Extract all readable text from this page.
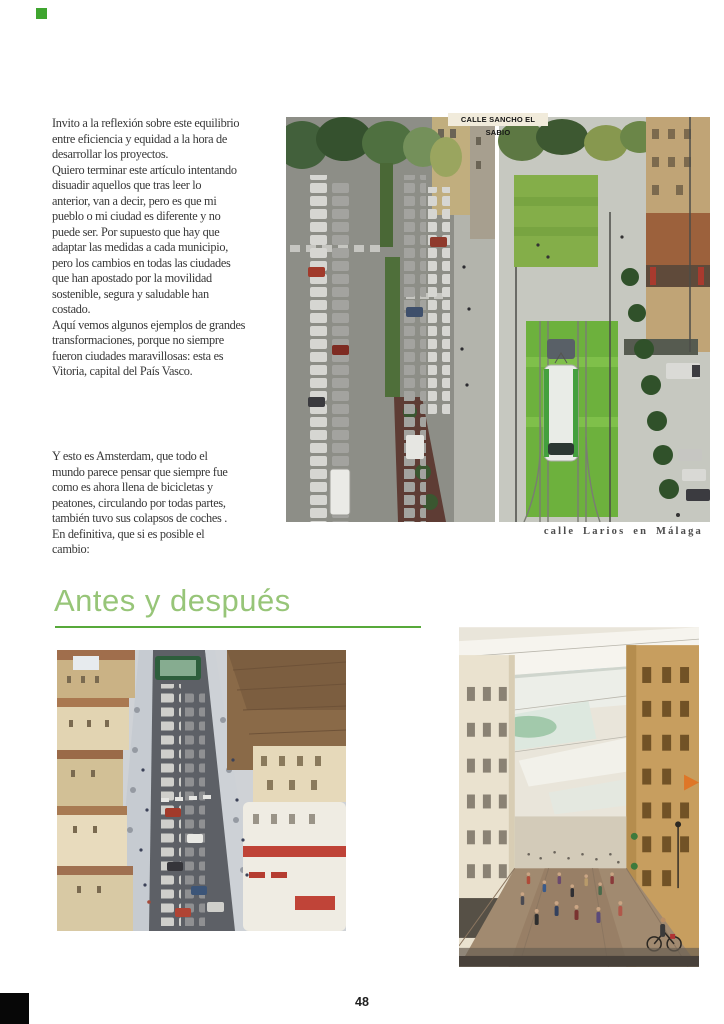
Invito a la reflexión sobre este equilibrio
entre eficiencia y equidad a la hora de
desarrollar los proyectos.
Quiero terminar este artículo intentando
disuadir aquellos que tras leer lo
anterior, van a decir, pero es que mi
pueblo o mi ciudad es diferente y no
puede ser. Por supuesto que hay que
adaptar las medidas a cada municipio,
pero los cambios en todas las ciudades
que han apostado por la movilidad
sostenible, segura y saludable han
costado.
Aquí vemos algunos ejemplos de grandes
transformaciones, porque no siempre
fueron ciudades maravillosas: esta es
Vitoria, capital del País Vasco.
Y esto es Amsterdam, que todo el
mundo parece pensar que siempre fue
como es ahora llena de bicicletas y
peatones, circulando por todas partes,
también tuvo sus colapsos de coches .
En definitiva, que si es posible el
cambio:
CALLE SANCHO EL SABIO
calle Larios en Málaga
Antes y después
48
